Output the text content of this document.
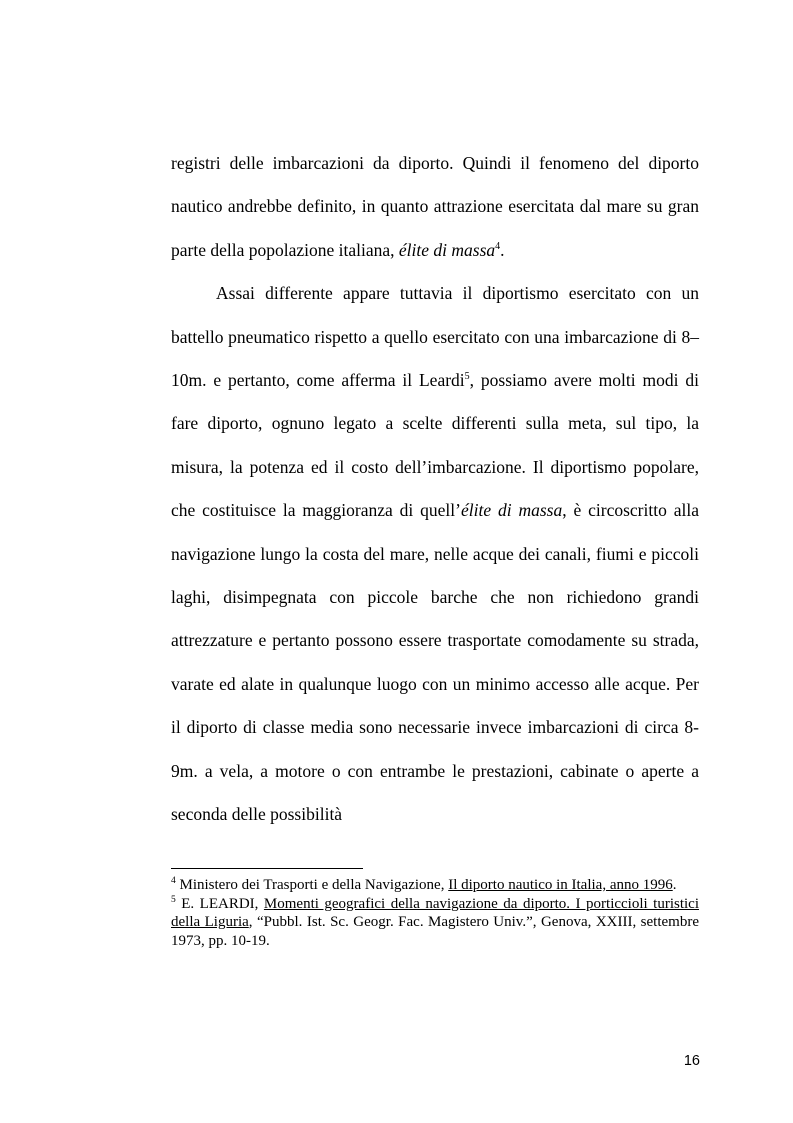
registri delle imbarcazioni da diporto. Quindi il fenomeno del diporto nautico andrebbe definito, in quanto attrazione esercitata dal mare su gran parte della popolazione italiana, élite di massa$^4$.

Assai differente appare tuttavia il diportismo esercitato con un battello pneumatico rispetto a quello esercitato con una imbarcazione di 8–10m. e pertanto, come afferma il Leardi$^5$, possiamo avere molti modi di fare diporto, ognuno legato a scelte differenti sulla meta, sul tipo, la misura, la potenza ed il costo dell’imbarcazione. Il diportismo popolare, che costituisce la maggioranza di quell’élite di massa, è circoscritto alla navigazione lungo la costa del mare, nelle acque dei canali, fiumi e piccoli laghi, disimpegnata con piccole barche che non richiedono grandi attrezzature e pertanto possono essere trasportate comodamente su strada, varate ed alate in qualunque luogo con un minimo accesso alle acque. Per il diporto di classe media sono necessarie invece imbarcazioni di circa 8-9m. a vela, a motore o con entrambe le prestazioni, cabinate o aperte a seconda delle possibilità

$^4$ Ministero dei Trasporti e della Navigazione, Il diporto nautico in Italia, anno 1996.

$^5$ E. LEARDI, Momenti geografici della navigazione da diporto. I porticcioli turistici della Liguria, “Pubbl. Ist. Sc. Geogr. Fac. Magistero Univ.”, Genova, XXIII, settembre 1973, pp. 10-19.

16
